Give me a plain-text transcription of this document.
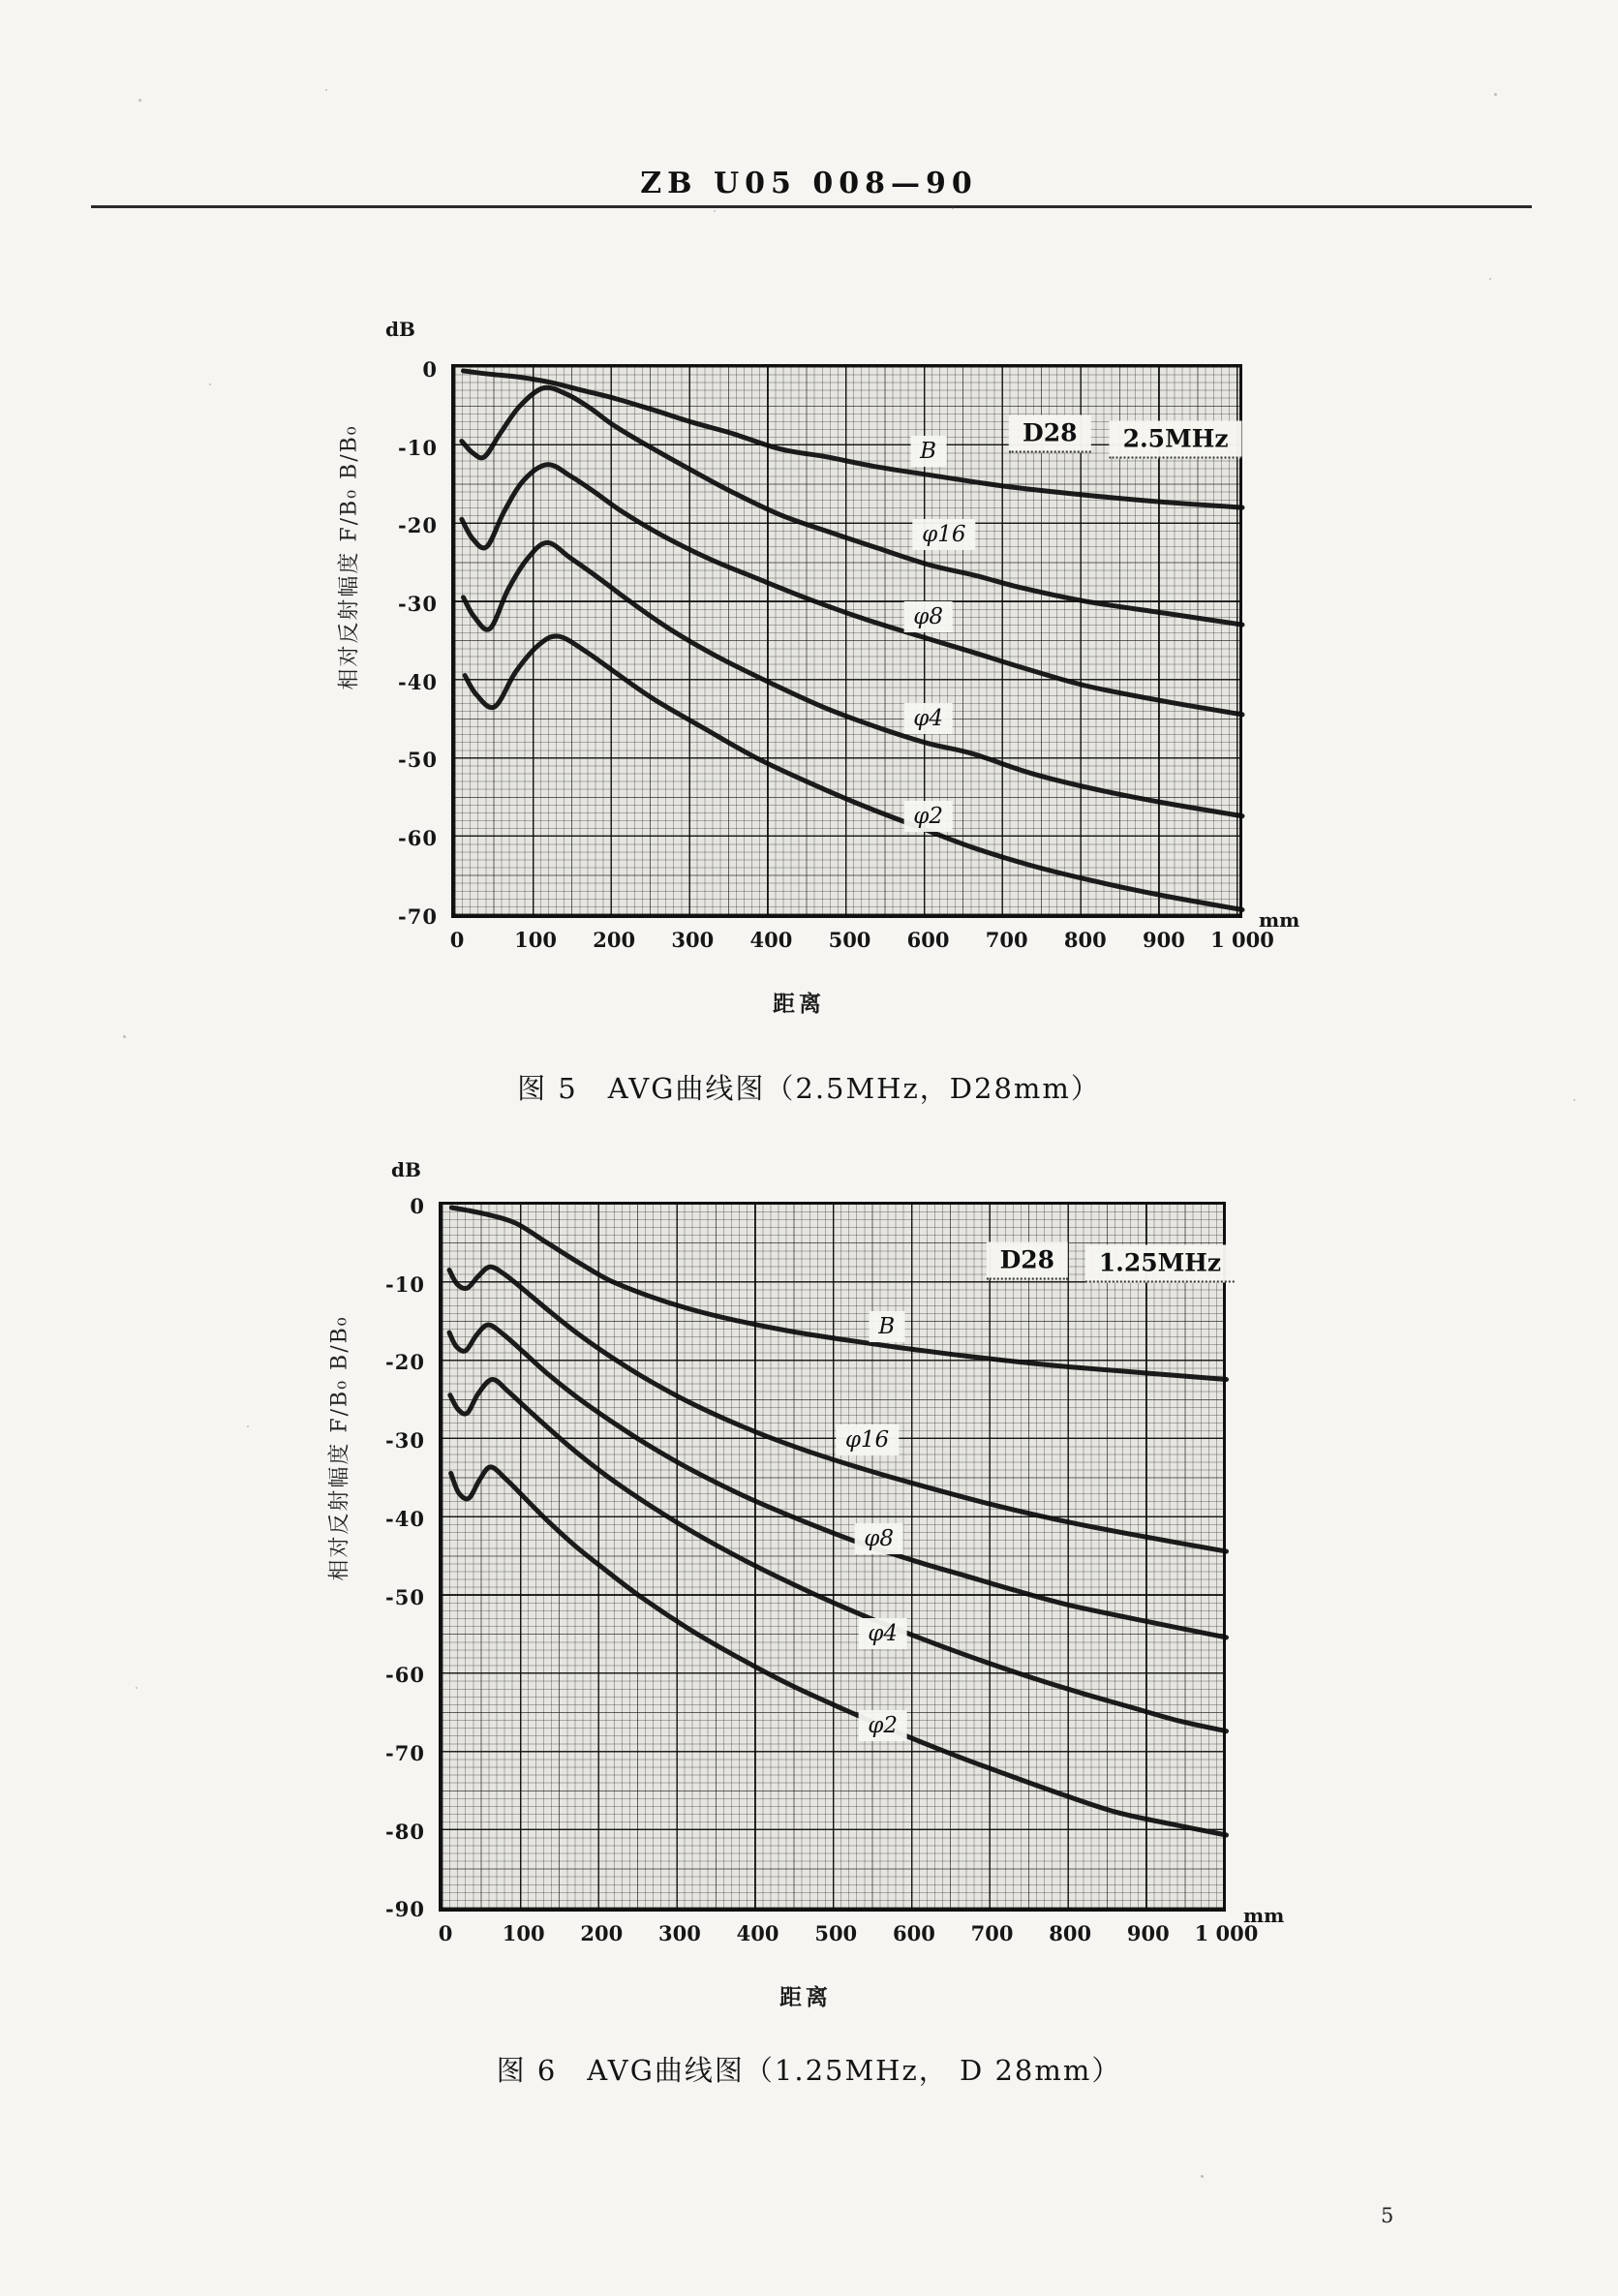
ZB U05 008—90
0
-10
-20
-30
-40
-50
-60
-70
0	100	200	300	400	500	600	700	800	900	1 000
dB
mm
相对反射幅度 F/B₀ B/B₀
距离
B
φ16
φ8
φ4
φ2
D28	2.5MHz
图 5　AVG曲线图（2.5MHz，D28mm）
0
-10
-20
-30
-40
-50
-60
-70
-80
-90
0	100	200	300	400	500	600	700	800	900	1 000
dB
mm
相对反射幅度 F/B₀ B/B₀
距离
B
φ16
φ8
φ4
φ2
D28	1.25MHz
图 6　AVG曲线图（1.25MHz， D 28mm）
5
